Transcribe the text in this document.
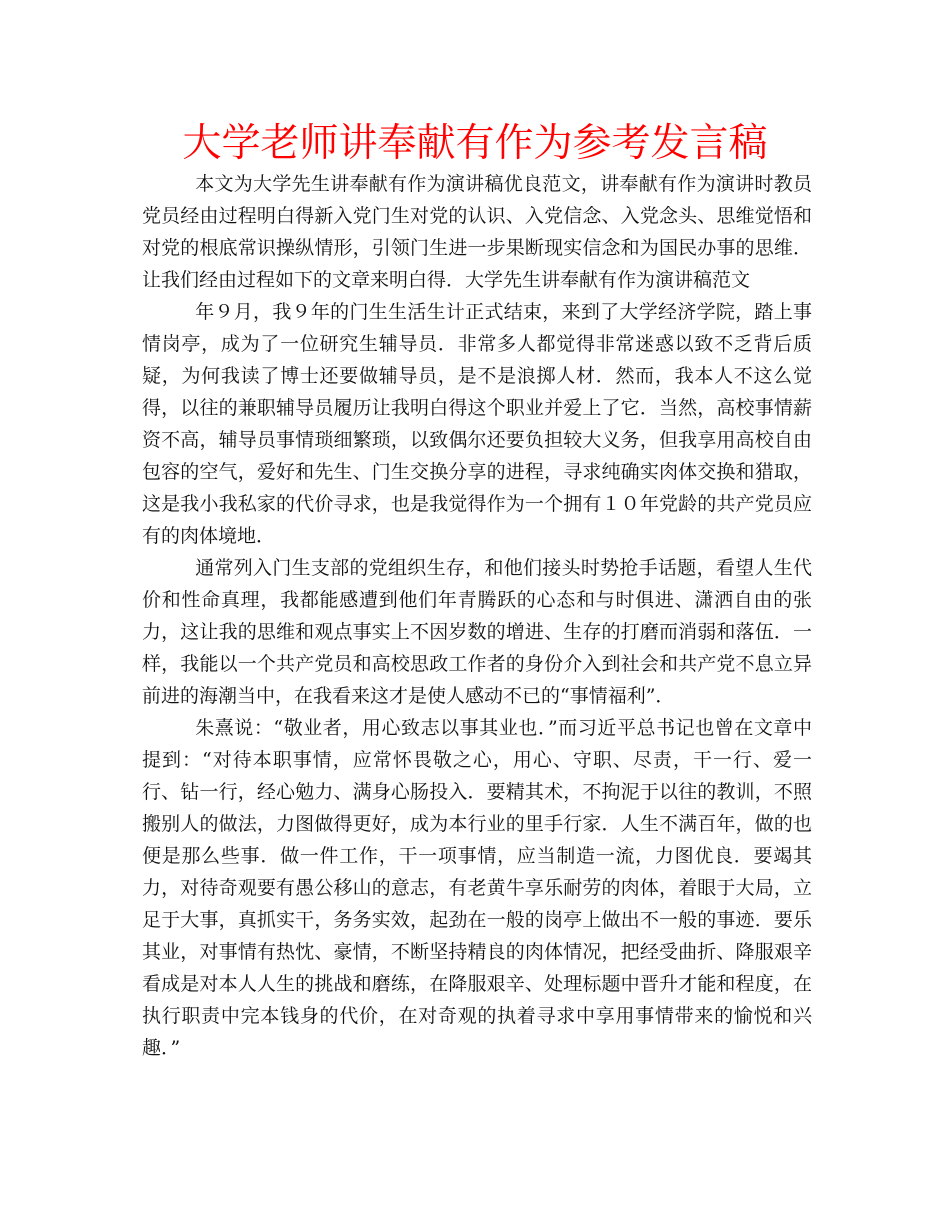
大学老师讲奉献有作为参考发言稿

本文为大学先生讲奉献有作为演讲稿优良范文，讲奉献有作为演讲时教员党员经由过程明白得新入党门生对党的认识、入党信念、入党念头、思维觉悟和对党的根底常识操纵情形，引领门生进一步果断现实信念和为国民办事的思维．让我们经由过程如下的文章来明白得．大学先生讲奉献有作为演讲稿范文

年９月，我９年的门生生活生计正式结束，来到了大学经济学院，踏上事情岗亭，成为了一位研究生辅导员．非常多人都觉得非常迷惑以致不乏背后质疑，为何我读了博士还要做辅导员，是不是浪掷人材．然而，我本人不这么觉得，以往的兼职辅导员履历让我明白得这个职业并爱上了它．当然，高校事情薪资不高，辅导员事情琐细繁琐，以致偶尔还要负担较大义务，但我享用高校自由包容的空气，爱好和先生、门生交换分享的进程，寻求纯确实肉体交换和猎取，这是我小我私家的代价寻求，也是我觉得作为一个拥有１０年党龄的共产党员应有的肉体境地．

通常列入门生支部的党组织生存，和他们接头时势抢手话题，看望人生代价和性命真理，我都能感遭到他们年青腾跃的心态和与时俱进、潇洒自由的张力，这让我的思维和观点事实上不因岁数的增进、生存的打磨而消弱和落伍．一样，我能以一个共产党员和高校思政工作者的身份介入到社会和共产党不息立异前进的海潮当中，在我看来这才是使人感动不已的“事情福利”．

朱熹说：“敬业者，用心致志以事其业也．”而习近平总书记也曾在文章中提到：“对待本职事情，应常怀畏敬之心，用心、守职、尽责，干一行、爱一行、钻一行，经心勉力、满身心肠投入．要精其术，不拘泥于以往的教训，不照搬别人的做法，力图做得更好，成为本行业的里手行家．人生不满百年，做的也便是那么些事．做一件工作，干一项事情，应当制造一流，力图优良．要竭其力，对待奇观要有愚公移山的意志，有老黄牛享乐耐劳的肉体，着眼于大局，立足于大事，真抓实干，务务实效，起劲在一般的岗亭上做出不一般的事迹．要乐其业，对事情有热忱、豪情，不断坚持精良的肉体情况，把经受曲折、降服艰辛看成是对本人人生的挑战和磨练，在降服艰辛、处理标题中晋升才能和程度，在执行职责中完本钱身的代价，在对奇观的执着寻求中享用事情带来的愉悦和兴趣．”
